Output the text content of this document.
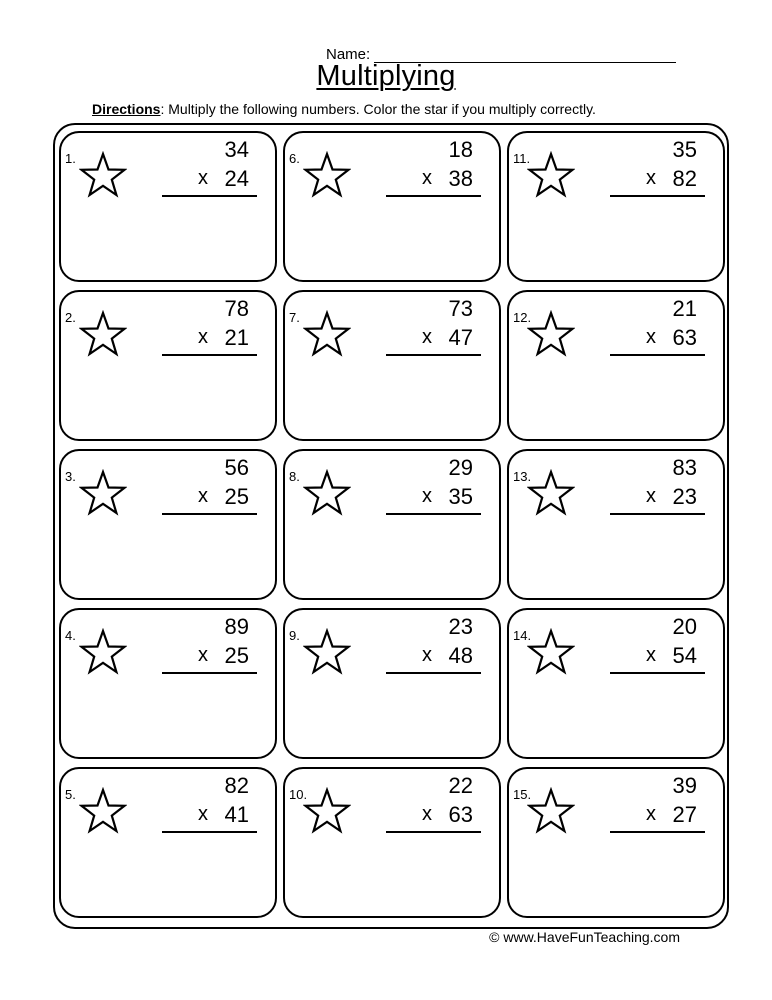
Name:
Multiplying
Directions: Multiply the following numbers. Color the star if you multiply correctly.
1.	34
x 24
2.	78
x 21
3.	56
x 25
4.	89
x 25
5.	82
x 41
6.	18
x 38
7.	73
x 47
8.	29
x 35
9.	23
x 48
10.	22
x 63
11.	35
x 82
12.	21
x 63
13.	83
x 23
14.	20
x 54
15.	39
x 27
© www.HaveFunTeaching.com
